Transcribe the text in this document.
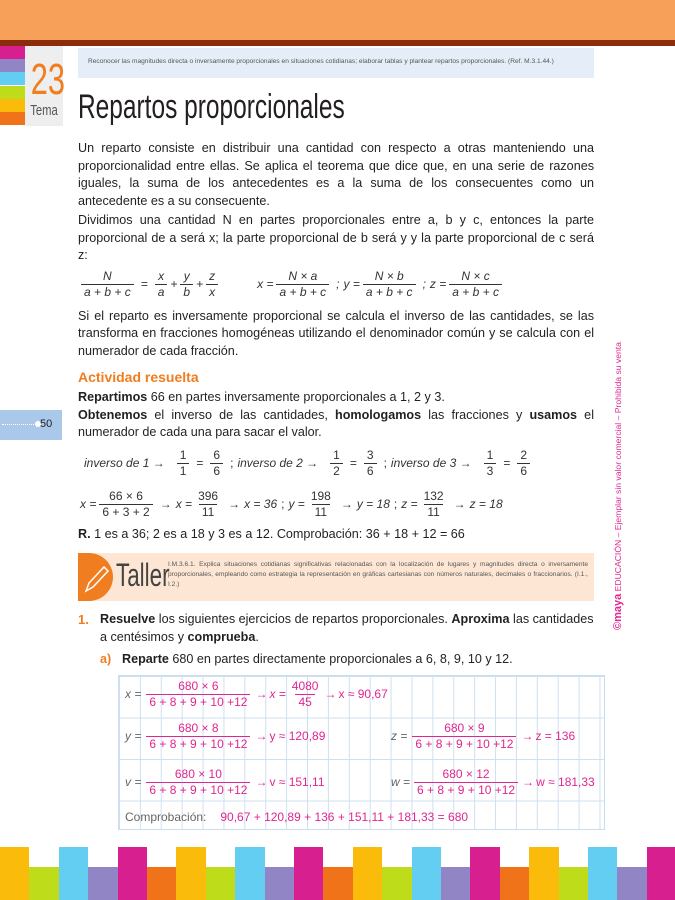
23
Tema
Reconocer las magnitudes directa o inversamente proporcionales en situaciones cotidianas; elaborar tablas y plantear repartos proporcionales. (Ref. M.3.1.44.)
Repartos proporcionales
50

Un reparto consiste en distribuir una cantidad con respecto a otras manteniendo una proporcionalidad entre ellas. Se aplica el teorema que dice que, en una serie de razones iguales, la suma de los antecedentes es a la suma de los consecuentes como un antecedente es a su consecuente.

Dividimos una cantidad N en partes proporcionales entre a, b y c, entonces la parte proporcional de a será x; la parte proporcional de b será y y la parte proporcional de c será z:

$\frac{N}{a + b + c} = \frac{x}{a} + \frac{y}{b} + \frac{z}{x}$	$x = \frac{N \times a}{a + b + c}$ ; $y = \frac{N \times b}{a + b + c}$ ; $z = \frac{N \times c}{a + b + c}$

Si el reparto es inversamente proporcional se calcula el inverso de las cantidades, se las transforma en fracciones homogéneas utilizando el denominador común y se calcula con el numerador de cada fracción.

Actividad resuelta

Repartimos 66 en partes inversamente proporcionales a 1, 2 y 3.

Obtenemos el inverso de las cantidades, homologamos las fracciones y usamos el numerador de cada una para sacar el valor.

inverso de $1 \to \frac{1}{1} = \frac{6}{6}$ ; inverso de $2 \to \frac{1}{2} = \frac{3}{6}$ ; inverso de $3 \to \frac{1}{3} = \frac{2}{6}$
$x = \frac{66 \times 6}{6 + 3 + 2} \to x = \frac{396}{11} \to x = 36$ ; $y = \frac{198}{11} \to y = 18$ ; $z = \frac{132}{11} \to z = 18$

R. 1 es a 36; 2 es a 18 y 3 es a 12. Comprobación: 36 + 18 + 12 = 66

Taller
I.M.3.6.1. Explica situaciones cotidianas significativas relacionadas con la localización de lugares y magnitudes directa o inversamente proporcionales, empleando como estrategia la representación en gráficas cartesianas con números naturales, decimales o fraccionarios. (I.1., I.2.)
1. Resuelve los siguientes ejercicios de repartos proporcionales. Aproxima las cantidades a centésimos y comprueba.

a) Reparte 680 en partes directamente proporcionales a 6, 8, 9, 10 y 12.

$x = \frac{680 \times 6}{6 + 8 + 9 + 10 +12} \to x = \frac{4080}{45} \to x \approx 90,67$
$y = \frac{680 \times 8}{6 + 8 + 9 + 10 +12} \to y \approx 120,89$	$z = \frac{680 \times 9}{6 + 8 + 9 + 10 +12} \to z = 136$
$v = \frac{680 \times 10}{6 + 8 + 9 + 10 +12} \to v \approx 151,11$	$w = \frac{680 \times 12}{6 + 8 + 9 + 10 +12} \to w \approx 181,33$
Comprobación: 90,67 + 120,89 + 136 + 151,11 + 181,33 = 680
©maya EDUCACIÓN – Ejemplar sin valor comercial – Prohibida su venta
